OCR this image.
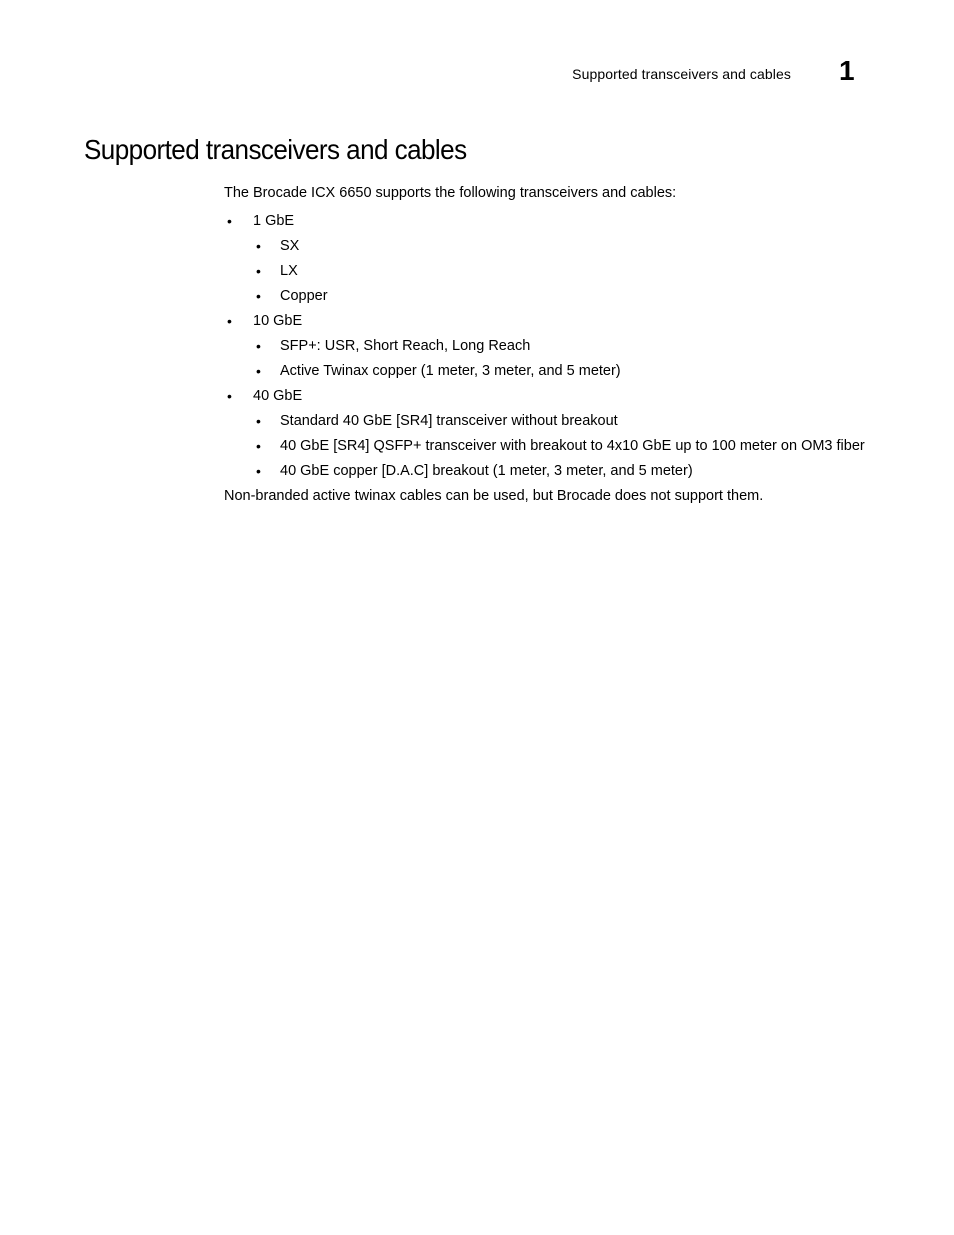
Supported transceivers and cables 1
Supported transceivers and cables

The Brocade ICX 6650 supports the following transceivers and cables:

• 1 GbE
• SX
• LX
• Copper
• 10 GbE
• SFP+: USR, Short Reach, Long Reach
• Active Twinax copper (1 meter, 3 meter, and 5 meter)
• 40 GbE
• Standard 40 GbE [SR4] transceiver without breakout
• 40 GbE [SR4] QSFP+ transceiver with breakout to 4x10 GbE up to 100 meter on OM3 fiber
• 40 GbE copper [D.A.C] breakout (1 meter, 3 meter, and 5 meter)

Non-branded active twinax cables can be used, but Brocade does not support them.
